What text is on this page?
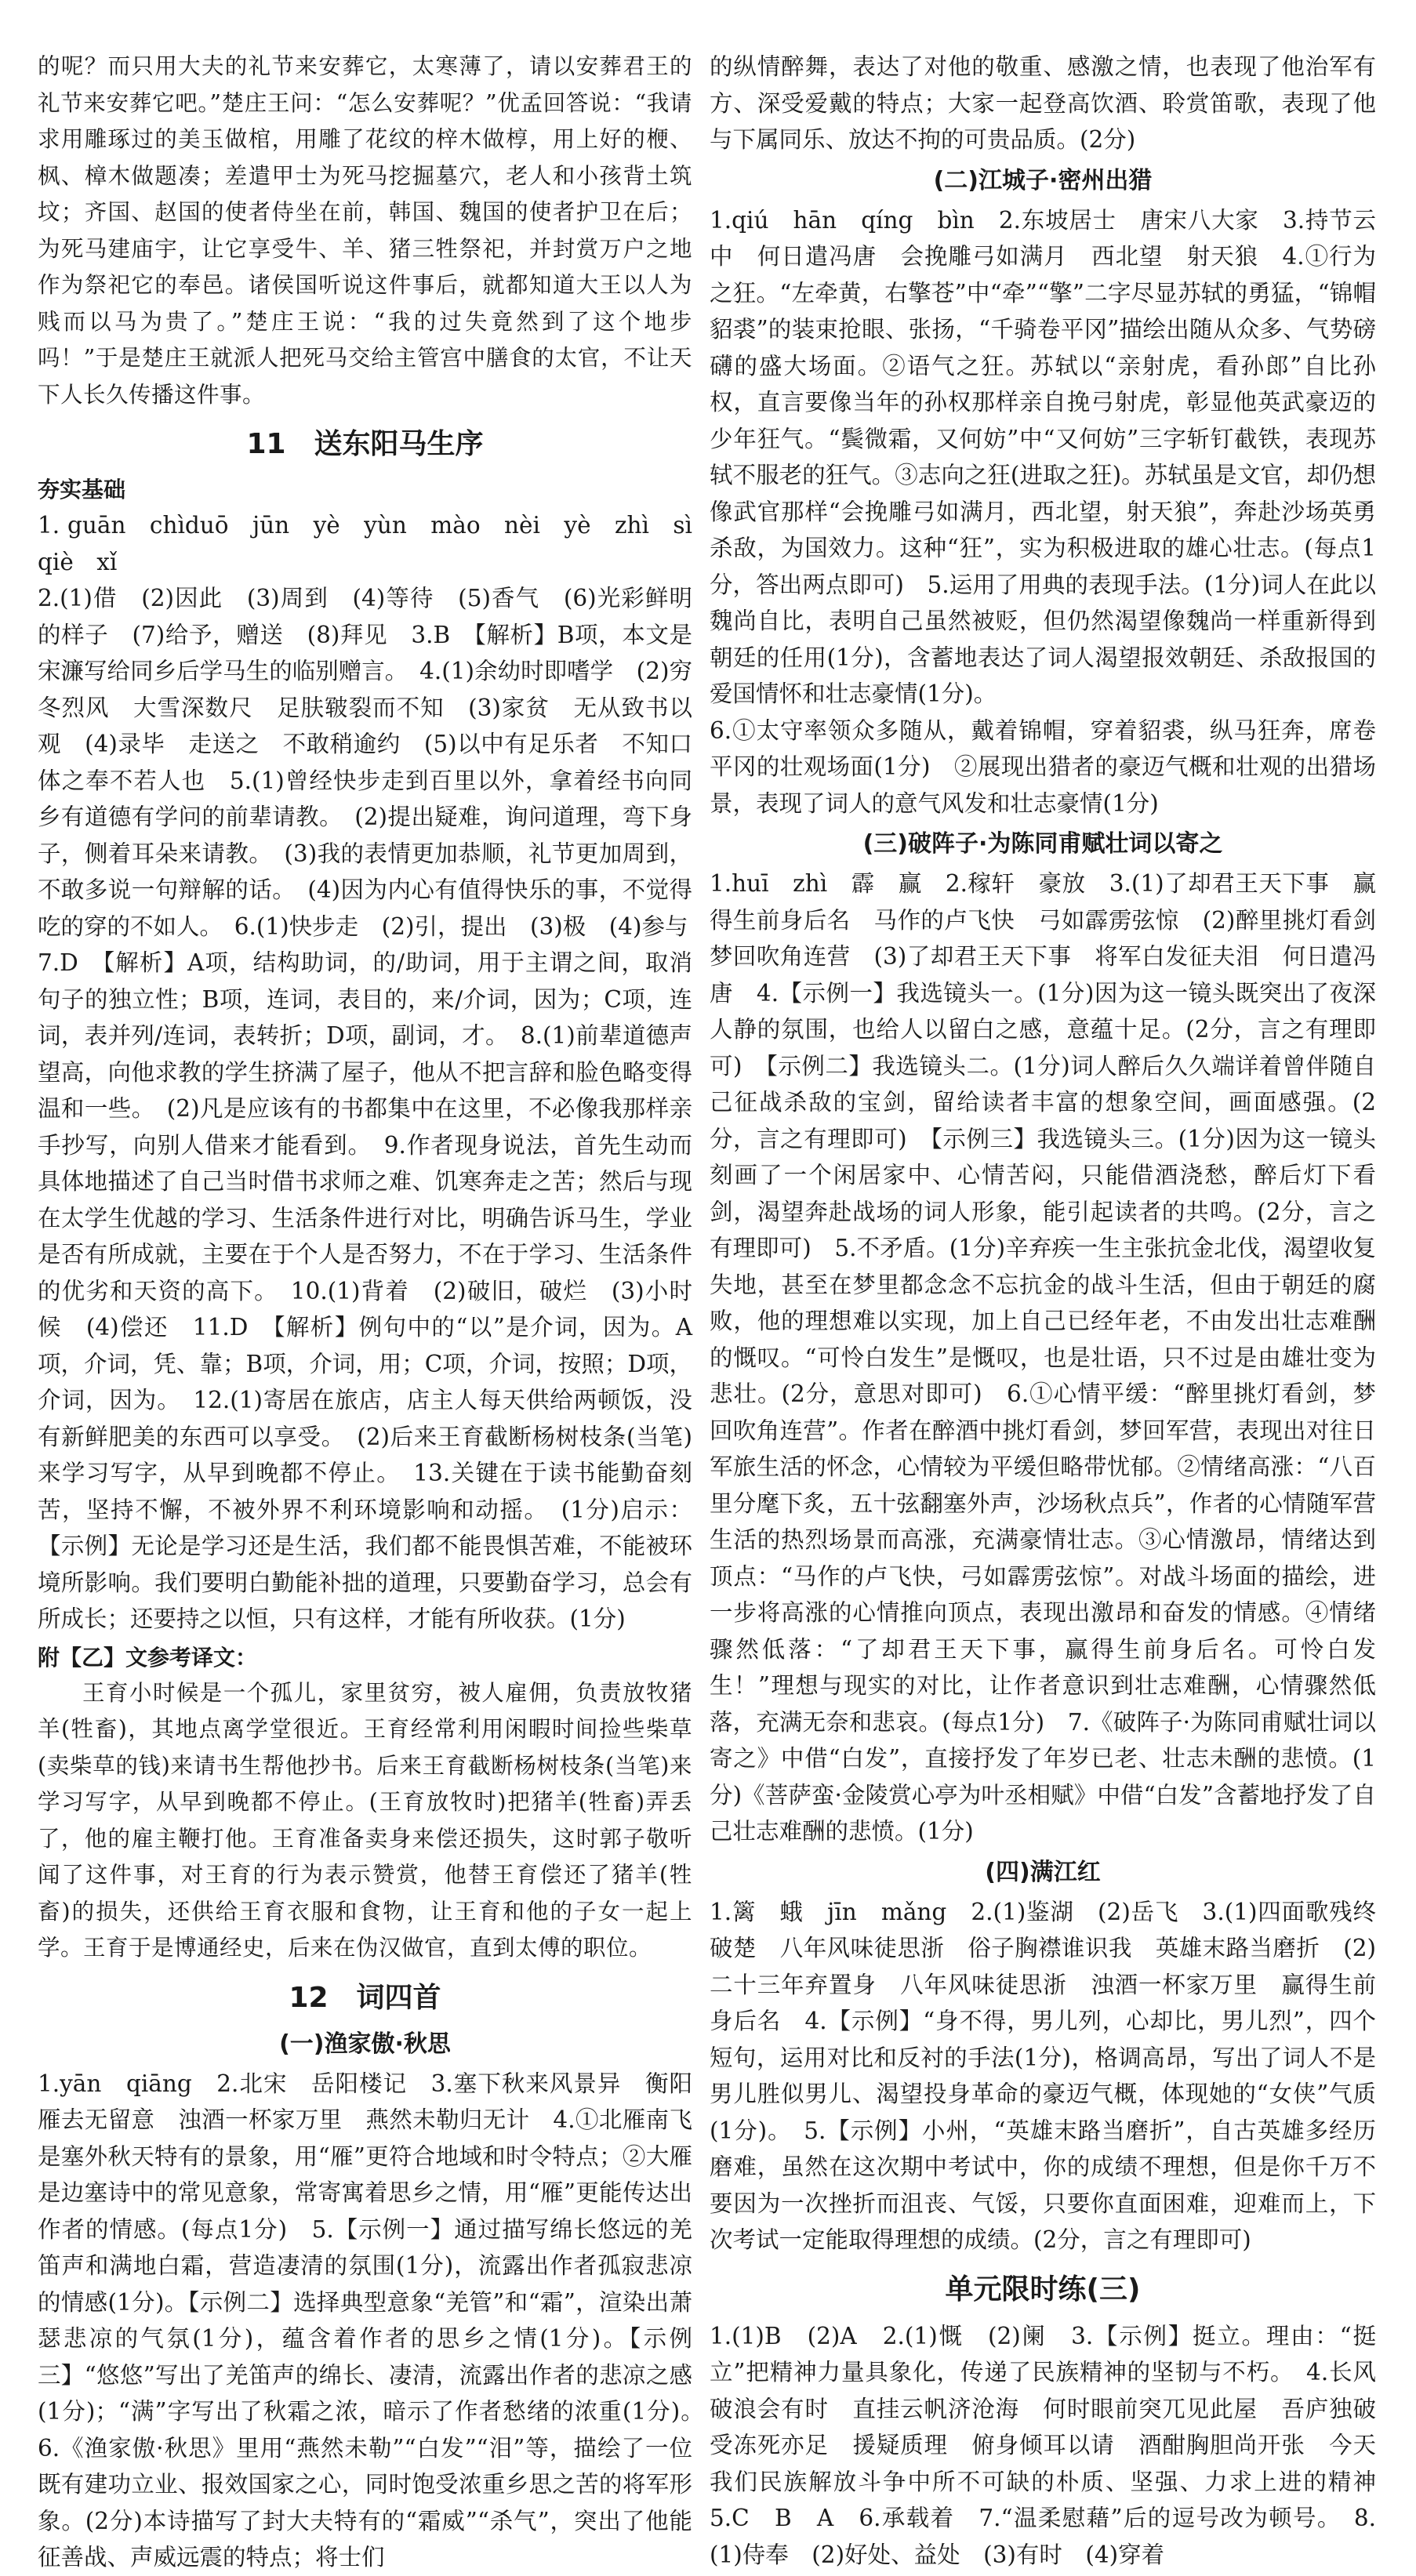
的呢？而只用大夫的礼节来安葬它，太寒薄了，请以安葬君王的礼节来安葬它吧。”楚庄王问：“怎么安葬呢？”优孟回答说：“我请求用雕琢过的美玉做棺，用雕了花纹的梓木做椁，用上好的楩、枫、樟木做题凑；差遣甲士为死马挖掘墓穴，老人和小孩背土筑坟；齐国、赵国的使者侍坐在前，韩国、魏国的使者护卫在后；为死马建庙宇，让它享受牛、羊、猪三牲祭祀，并封赏万户之地作为祭祀它的奉邑。诸侯国听说这件事后，就都知道大王以人为贱而以马为贵了。”楚庄王说：“我的过失竟然到了这个地步吗！”于是楚庄王就派人把死马交给主管宫中膳食的太官，不让天下人长久传播这件事。

11　送东阳马生序
夯实基础

1. guān　chìduō　jūn　yè　yùn　mào　nèi　yè　zhì　sì　qiè　xǐ

2.(1)借　(2)因此　(3)周到　(4)等待　(5)香气　(6)光彩鲜明的样子　(7)给予，赠送　(8)拜见　3.B　【解析】B项，本文是宋濂写给同乡后学马生的临别赠言。　4.(1)余幼时即嗜学　(2)穷冬烈风　大雪深数尺　足肤皲裂而不知　(3)家贫　无从致书以观　(4)录毕　走送之　不敢稍逾约　(5)以中有足乐者　不知口体之奉不若人也　5.(1)曾经快步走到百里以外，拿着经书向同乡有道德有学问的前辈请教。　(2)提出疑难，询问道理，弯下身子，侧着耳朵来请教。　(3)我的表情更加恭顺，礼节更加周到，不敢多说一句辩解的话。　(4)因为内心有值得快乐的事，不觉得吃的穿的不如人。　6.(1)快步走　(2)引，提出　(3)极　(4)参与

7.D　【解析】A项，结构助词，的/助词，用于主谓之间，取消句子的独立性；B项，连词，表目的，来/介词，因为；C项，连词，表并列/连词，表转折；D项，副词，才。　8.(1)前辈道德声望高，向他求教的学生挤满了屋子，他从不把言辞和脸色略变得温和一些。　(2)凡是应该有的书都集中在这里，不必像我那样亲手抄写，向别人借来才能看到。　9.作者现身说法，首先生动而具体地描述了自己当时借书求师之难、饥寒奔走之苦；然后与现在太学生优越的学习、生活条件进行对比，明确告诉马生，学业是否有所成就，主要在于个人是否努力，不在于学习、生活条件的优劣和天资的高下。　10.(1)背着　(2)破旧，破烂　(3)小时候　(4)偿还　11.D　【解析】例句中的“以”是介词，因为。A项，介词，凭、靠；B项，介词，用；C项，介词，按照；D项，介词，因为。　12.(1)寄居在旅店，店主人每天供给两顿饭，没有新鲜肥美的东西可以享受。　(2)后来王育截断杨树枝条(当笔)来学习写字，从早到晚都不停止。　13.关键在于读书能勤奋刻苦，坚持不懈，不被外界不利环境影响和动摇。　(1分)启示：【示例】无论是学习还是生活，我们都不能畏惧苦难，不能被环境所影响。我们要明白勤能补拙的道理，只要勤奋学习，总会有所成长；还要持之以恒，只有这样，才能有所收获。(1分)

附【乙】文参考译文：

王育小时候是一个孤儿，家里贫穷，被人雇佣，负责放牧猪羊(牲畜)，其地点离学堂很近。王育经常利用闲暇时间捡些柴草(卖柴草的钱)来请书生帮他抄书。后来王育截断杨树枝条(当笔)来学习写字，从早到晚都不停止。(王育放牧时)把猪羊(牲畜)弄丢了，他的雇主鞭打他。王育准备卖身来偿还损失，这时郭子敬听闻了这件事，对王育的行为表示赞赏，他替王育偿还了猪羊(牲畜)的损失，还供给王育衣服和食物，让王育和他的子女一起上学。王育于是博通经史，后来在伪汉做官，直到太傅的职位。

12　词四首
(一)渔家傲·秋思

1.yān　qiāng　2.北宋　岳阳楼记　3.塞下秋来风景异　衡阳雁去无留意　浊酒一杯家万里　燕然未勒归无计　4.①北雁南飞是塞外秋天特有的景象，用“雁”更符合地域和时令特点；②大雁是边塞诗中的常见意象，常寄寓着思乡之情，用“雁”更能传达出作者的情感。(每点1分)　5.【示例一】通过描写绵长悠远的羌笛声和满地白霜，营造凄清的氛围(1分)，流露出作者孤寂悲凉的情感(1分)。【示例二】选择典型意象“羌管”和“霜”，渲染出萧瑟悲凉的气氛(1分)，蕴含着作者的思乡之情(1分)。【示例三】“悠悠”写出了羌笛声的绵长、凄清，流露出作者的悲凉之感(1分)；“满”字写出了秋霜之浓，暗示了作者愁绪的浓重(1分)。　6.《渔家傲·秋思》里用“燕然未勒”“白发”“泪”等，描绘了一位既有建功立业、报效国家之心，同时饱受浓重乡思之苦的将军形象。(2分)本诗描写了封大夫特有的“霜威”“杀气”，突出了他能征善战、声威远震的特点；将士们

的纵情醉舞，表达了对他的敬重、感激之情，也表现了他治军有方、深受爱戴的特点；大家一起登高饮酒、聆赏笛歌，表现了他与下属同乐、放达不拘的可贵品质。(2分)

(二)江城子·密州出猎

1.qiú　hān　qíng　bìn　2.东坡居士　唐宋八大家　3.持节云中　何日遣冯唐　会挽雕弓如满月　西北望　射天狼　4.①行为之狂。“左牵黄，右擎苍”中“牵”“擎”二字尽显苏轼的勇猛，“锦帽貂裘”的装束抢眼、张扬，“千骑卷平冈”描绘出随从众多、气势磅礴的盛大场面。②语气之狂。苏轼以“亲射虎，看孙郎”自比孙权，直言要像当年的孙权那样亲自挽弓射虎，彰显他英武豪迈的少年狂气。“鬓微霜，又何妨”中“又何妨”三字斩钉截铁，表现苏轼不服老的狂气。③志向之狂(进取之狂)。苏轼虽是文官，却仍想像武官那样“会挽雕弓如满月，西北望，射天狼”，奔赴沙场英勇杀敌，为国效力。这种“狂”，实为积极进取的雄心壮志。(每点1分，答出两点即可)　5.运用了用典的表现手法。(1分)词人在此以魏尚自比，表明自己虽然被贬，但仍然渴望像魏尚一样重新得到朝廷的任用(1分)，含蓄地表达了词人渴望报效朝廷、杀敌报国的爱国情怀和壮志豪情(1分)。

6.①太守率领众多随从，戴着锦帽，穿着貂裘，纵马狂奔，席卷平冈的壮观场面(1分)　②展现出猎者的豪迈气概和壮观的出猎场景，表现了词人的意气风发和壮志豪情(1分)

(三)破阵子·为陈同甫赋壮词以寄之

1.huī　zhì　霹　赢　2.稼轩　豪放　3.(1)了却君王天下事　赢得生前身后名　马作的卢飞快　弓如霹雳弦惊　(2)醉里挑灯看剑　梦回吹角连营　(3)了却君王天下事　将军白发征夫泪　何日遣冯唐　4.【示例一】我选镜头一。(1分)因为这一镜头既突出了夜深人静的氛围，也给人以留白之感，意蕴十足。(2分，言之有理即可)　【示例二】我选镜头二。(1分)词人醉后久久端详着曾伴随自己征战杀敌的宝剑，留给读者丰富的想象空间，画面感强。(2分，言之有理即可)　【示例三】我选镜头三。(1分)因为这一镜头刻画了一个闲居家中、心情苦闷，只能借酒浇愁，醉后灯下看剑，渴望奔赴战场的词人形象，能引起读者的共鸣。(2分，言之有理即可)　5.不矛盾。(1分)辛弃疾一生主张抗金北伐，渴望收复失地，甚至在梦里都念念不忘抗金的战斗生活，但由于朝廷的腐败，他的理想难以实现，加上自己已经年老，不由发出壮志难酬的慨叹。“可怜白发生”是慨叹，也是壮语，只不过是由雄壮变为悲壮。(2分，意思对即可)　6.①心情平缓：“醉里挑灯看剑，梦回吹角连营”。作者在醉酒中挑灯看剑，梦回军营，表现出对往日军旅生活的怀念，心情较为平缓但略带忧郁。②情绪高涨：“八百里分麾下炙，五十弦翻塞外声，沙场秋点兵”，作者的心情随军营生活的热烈场景而高涨，充满豪情壮志。③心情激昂，情绪达到顶点：“马作的卢飞快，弓如霹雳弦惊”。对战斗场面的描绘，进一步将高涨的心情推向顶点，表现出激昂和奋发的情感。④情绪骤然低落：“了却君王天下事，赢得生前身后名。可怜白发生！”理想与现实的对比，让作者意识到壮志难酬，心情骤然低落，充满无奈和悲哀。(每点1分)　7.《破阵子·为陈同甫赋壮词以寄之》中借“白发”，直接抒发了年岁已老、壮志未酬的悲愤。(1分)《菩萨蛮·金陵赏心亭为叶丞相赋》中借“白发”含蓄地抒发了自己壮志难酬的悲愤。(1分)

(四)满江红

1.篱　蛾　jīn　mǎng　2.(1)鉴湖　(2)岳飞　3.(1)四面歌残终破楚　八年风味徒思浙　俗子胸襟谁识我　英雄末路当磨折　(2)二十三年弃置身　八年风味徒思浙　浊酒一杯家万里　赢得生前身后名　4.【示例】“身不得，男儿列，心却比，男儿烈”，四个短句，运用对比和反衬的手法(1分)，格调高昂，写出了词人不是男儿胜似男儿、渴望投身革命的豪迈气概，体现她的“女侠”气质(1分)。　5.【示例】小州，“英雄末路当磨折”，自古英雄多经历磨难，虽然在这次期中考试中，你的成绩不理想，但是你千万不要因为一次挫折而沮丧、气馁，只要你直面困难，迎难而上，下次考试一定能取得理想的成绩。(2分，言之有理即可)

单元限时练(三)

1.(1)B　(2)A　2.(1)慨　(2)阑　3.【示例】挺立。理由：“挺立”把精神力量具象化，传递了民族精神的坚韧与不朽。　4.长风破浪会有时　直挂云帆济沧海　何时眼前突兀见此屋　吾庐独破受冻死亦足　援疑质理　俯身倾耳以请　酒酣胸胆尚开张　今天我们民族解放斗争中所不可缺的朴质、坚强、力求上进的精神　5.C　B　A　6.承载着　7.“温柔慰藉”后的逗号改为顿号。　8.(1)侍奉　(2)好处、益处　(3)有时　(4)穿着
